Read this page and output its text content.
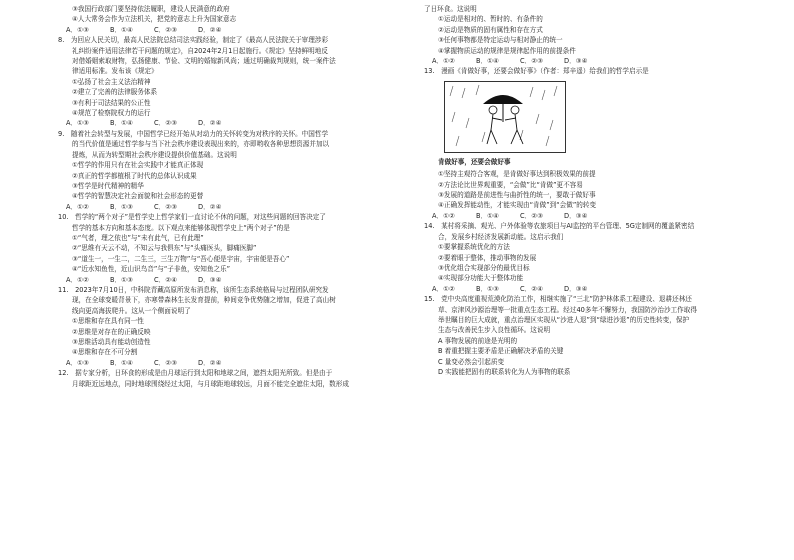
③我国行政部门要坚持依法履职，建设人民满意的政府
④人大常务会作为立法机关，把党的意志上升为国家意志
A．①③	B．①④	C．②③	D．②④
8.　为回应人民关切，最高人民法院总结司法实践经验，制定了《最高人民法院关于审理涉彩
礼纠纷案件适用法律若干问题的规定》，自2024年2月1日起施行。《规定》坚持鲜明地反
对借婚姻索取财物，弘扬健康、节俭、文明的婚嫁新风尚；通过明确裁判规则，统一案件法
律适用标准。发布该《规定》
①弘扬了社会主义法治精神
②建立了完善的法律服务体系
③有利于司法结果的公正性
④规范了检察院权力的运行
A．①③	B．①④	C．②③	D．②④
9.　随着社会转型与发展，中国哲学已经开始从对动力的关怀转变为对秩序的关怀。中国哲学
的当代价值是通过哲学参与当下社会秩序建设表现出来的，亦即哟收各种思想资源并加以
提炼，从而为转型期社会秩序建设提供价值基础。这说明
①哲学的作用只有在社会实践中才能真正体现
②真正的哲学都植根了时代的总体认识成果
③哲学是时代精神的精华
④哲学的智慧决定社会面貌和社会形态的更替
A．①②	B．①③	C．②③	D．②④
10.　哲学的“两个对子”是哲学史上哲学家们一直讨论不休的问题，对这些问题的回答决定了
哲学的基本方向和基本态度。以下观点来能够体现哲学史上“两个对子”的是
①“气者，理之依也”与“未有此气，已有此理”
②“思维有天云不动，不知云与我俱东”与“头痛医头，脚痛医脚”
③“道生一，一生二，二生三，三生万物”与“吾心便是宇宙，宇宙便是吾心”
④“近水知鱼性，近山识鸟音”与“子非鱼，安知鱼之乐”
A．①②	B．①③	C．②④	D．③④
11.　2023年7月10日，中科院青藏高原所发布消息称，该所生态系统格局与过程团队研究发
现，在全球变暖背景下，亦寒带森林生长发育提前，种间竞争优势随之增加，促进了高山树
线向更高海拔爬升。这从一个侧面说明了
①思维和存在具有同一性
②思维是对存在的正确反映
③思维活动具有能动创造性
④思维和存在不可分割
A．①③	B．①④	C．②③	D．②④
12.　据专家分析，日环食的形成是由月球运行到太阳和地球之间，遮挡太阳光所致。但是由于
月球距近远地点，同时地球围绕经过太阳，与月球距地球较远，月面不能完全遮住太阳，数形成
了日环食。这说明
①运动是相对的、暂时的、有条件的
②运动是物质的固有属性和存在方式
③任何事物都是特定运动与相对静止的统一
④掌握物质运动的规律是规律起作用的前提条件
A．①②	B．①④	C．②③	D．③④
13.　漫画《肯做好事，还要会做好事》（作者：郑辛遥）给我们的哲学启示是
肯做好事，还要会做好事
①坚持主观符合客观，是肯做好事达到积极效果的前提
②方法论比世界观重要，“会做”比“肯做”更不容易
③发展的道路是前进性与曲折性的统一，要敢于做好事
④正确发挥能动性，才能实现由“肯做”到“会做”的转变
A．①②	B．①④	C．②③	D．③④
14.　某村将采摘、观光、户外体验等农旅项目与AI监控的平台管理、5G定制网的覆盖紧密结
合，发展乡村经济发展新动能。这启示我们
①要掌握系统优化的方法
②要着眼于整体，推动事物的发展
③优化组合实现部分的最优目标
④实现部分功能大于整体功能
A．①②	B．①③	C．②④	D．③④
15.　党中央高度重视荒漠化防治工作，相继实施了“三北”防护林体系工程建设、退耕还林还
草、京津风沙源治理等一批重点生态工程。经过40多年不懈努力，我国防沙治沙工作取得
举世瞩目的巨大成就，重点治理区实现从“沙进人退”到“绿进沙退”的历史性转变，保护
生态与改善民生步入良性循环。这说明
A 事物发展的前途是光明的
B 着重把握主要矛盾是正确解决矛盾的关键
C 量变必然会引起质变
D 实践能把固有的联系转化为人为事物的联系
